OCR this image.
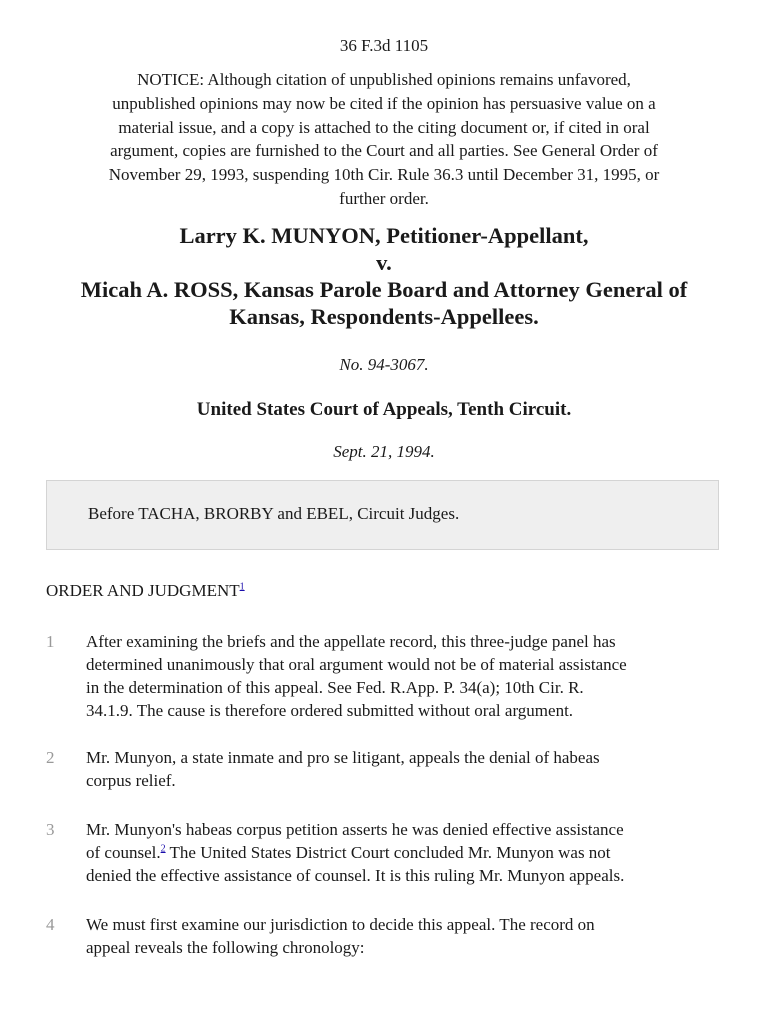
36 F.3d 1105
NOTICE: Although citation of unpublished opinions remains unfavored,
unpublished opinions may now be cited if the opinion has persuasive value on a
material issue, and a copy is attached to the citing document or, if cited in oral
argument, copies are furnished to the Court and all parties. See General Order of
November 29, 1993, suspending 10th Cir. Rule 36.3 until December 31, 1995, or
further order.
Larry K. MUNYON, Petitioner-Appellant,
v.
Micah A. ROSS, Kansas Parole Board and Attorney General of
Kansas, Respondents-Appellees.
No. 94-3067.
United States Court of Appeals, Tenth Circuit.
Sept. 21, 1994.
Before TACHA, BRORBY and EBEL, Circuit Judges.
ORDER AND JUDGMENT$^1$
1	After examining the briefs and the appellate record, this three-judge panel has
determined unanimously that oral argument would not be of material assistance
in the determination of this appeal. See Fed. R.App. P. 34(a); 10th Cir. R.
34.1.9. The cause is therefore ordered submitted without oral argument.
2	Mr. Munyon, a state inmate and pro se litigant, appeals the denial of habeas
corpus relief.
3	Mr. Munyon's habeas corpus petition asserts he was denied effective assistance
of counsel.$^2$ The United States District Court concluded Mr. Munyon was not
denied the effective assistance of counsel. It is this ruling Mr. Munyon appeals.
4	We must first examine our jurisdiction to decide this appeal. The record on
appeal reveals the following chronology:
